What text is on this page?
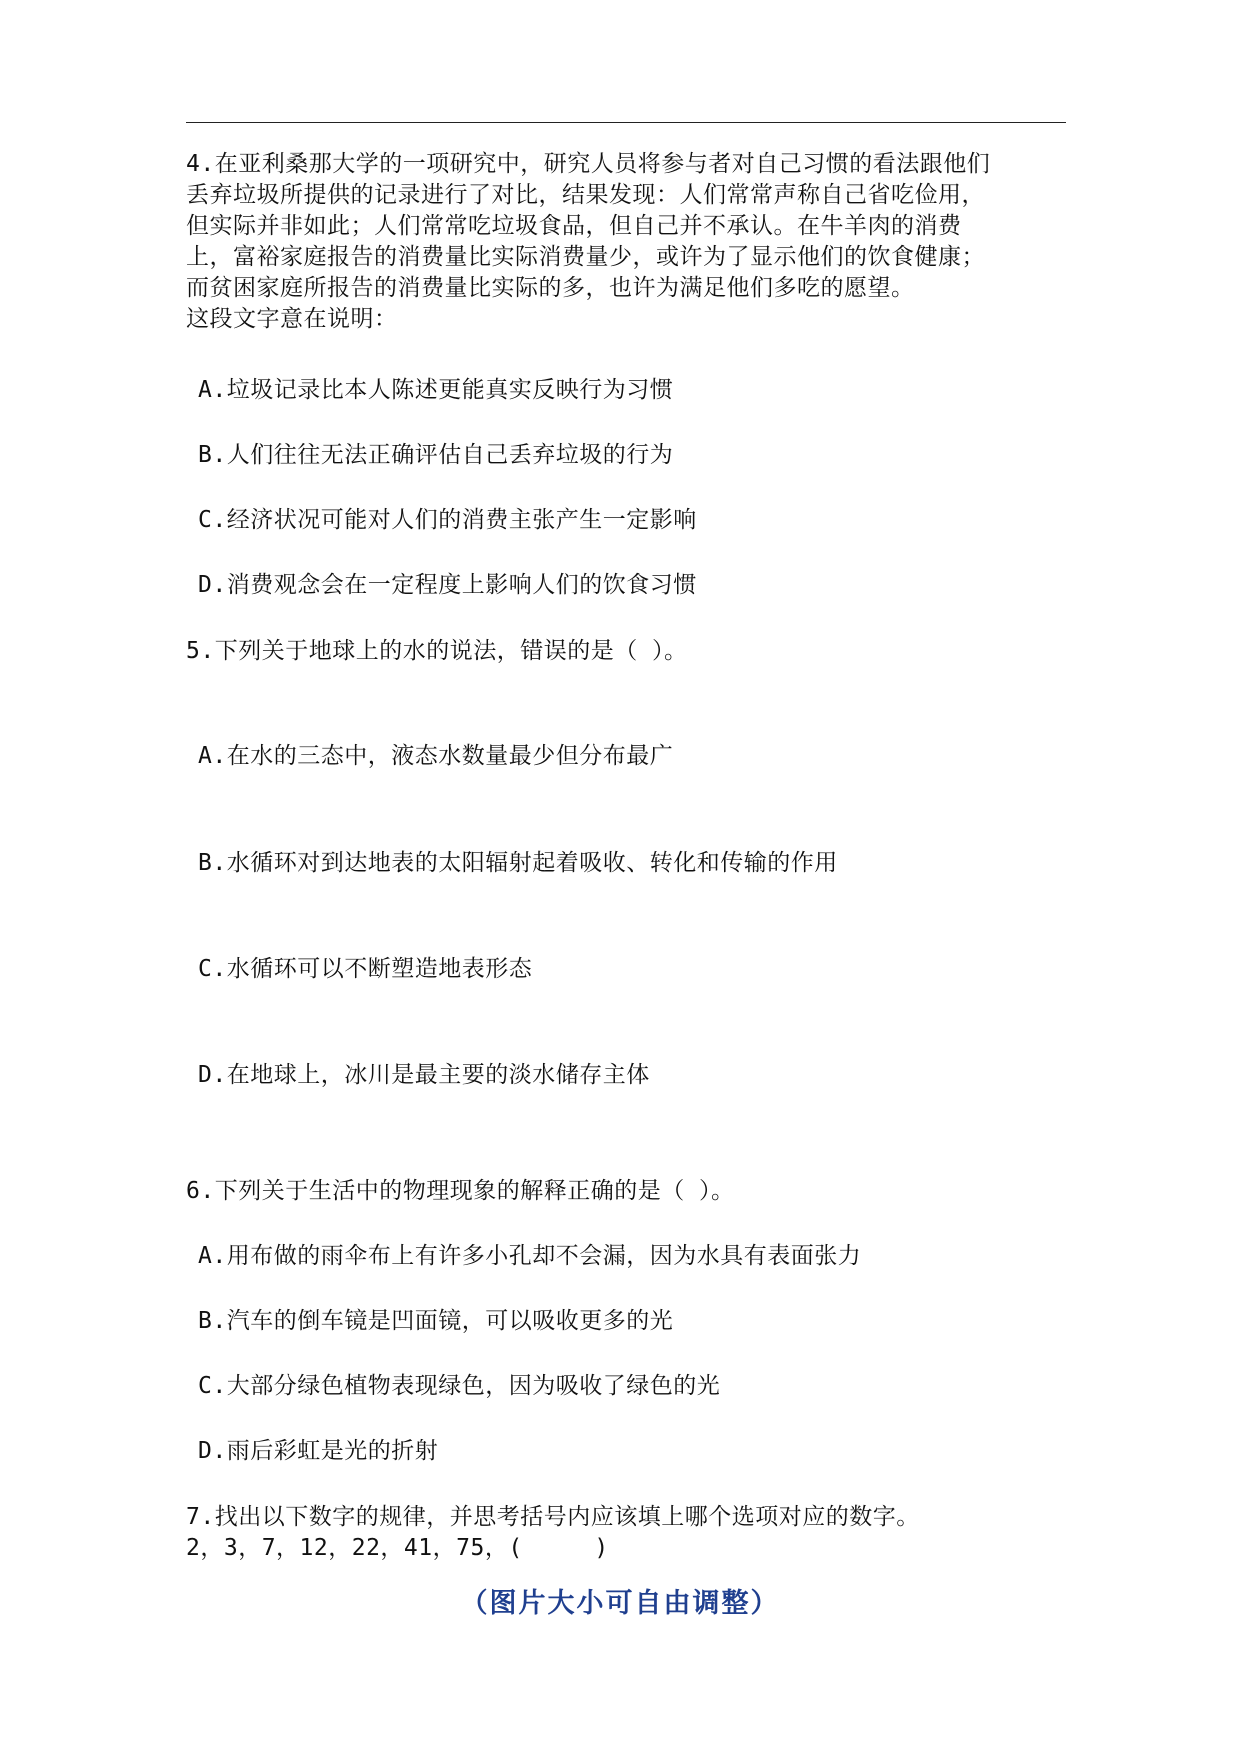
4.在亚利桑那大学的一项研究中，研究人员将参与者对自己习惯的看法跟他们
丢弃垃圾所提供的记录进行了对比，结果发现：人们常常声称自己省吃俭用，
但实际并非如此；人们常常吃垃圾食品，但自己并不承认。在牛羊肉的消费
上，富裕家庭报告的消费量比实际消费量少，或许为了显示他们的饮食健康；
而贫困家庭所报告的消费量比实际的多，也许为满足他们多吃的愿望。
这段文字意在说明：
A.垃圾记录比本人陈述更能真实反映行为习惯
B.人们往往无法正确评估自己丢弃垃圾的行为
C.经济状况可能对人们的消费主张产生一定影响
D.消费观念会在一定程度上影响人们的饮食习惯
5.下列关于地球上的水的说法，错误的是（ ）。
A.在水的三态中，液态水数量最少但分布最广
B.水循环对到达地表的太阳辐射起着吸收、转化和传输的作用
C.水循环可以不断塑造地表形态
D.在地球上，冰川是最主要的淡水储存主体
6.下列关于生活中的物理现象的解释正确的是（ ）。
A.用布做的雨伞布上有许多小孔却不会漏，因为水具有表面张力
B.汽车的倒车镜是凹面镜，可以吸收更多的光
C.大部分绿色植物表现绿色，因为吸收了绿色的光
D.雨后彩虹是光的折射
7.找出以下数字的规律，并思考括号内应该填上哪个选项对应的数字。
2，3，7，12，22，41，75，(     )
（图片大小可自由调整）
